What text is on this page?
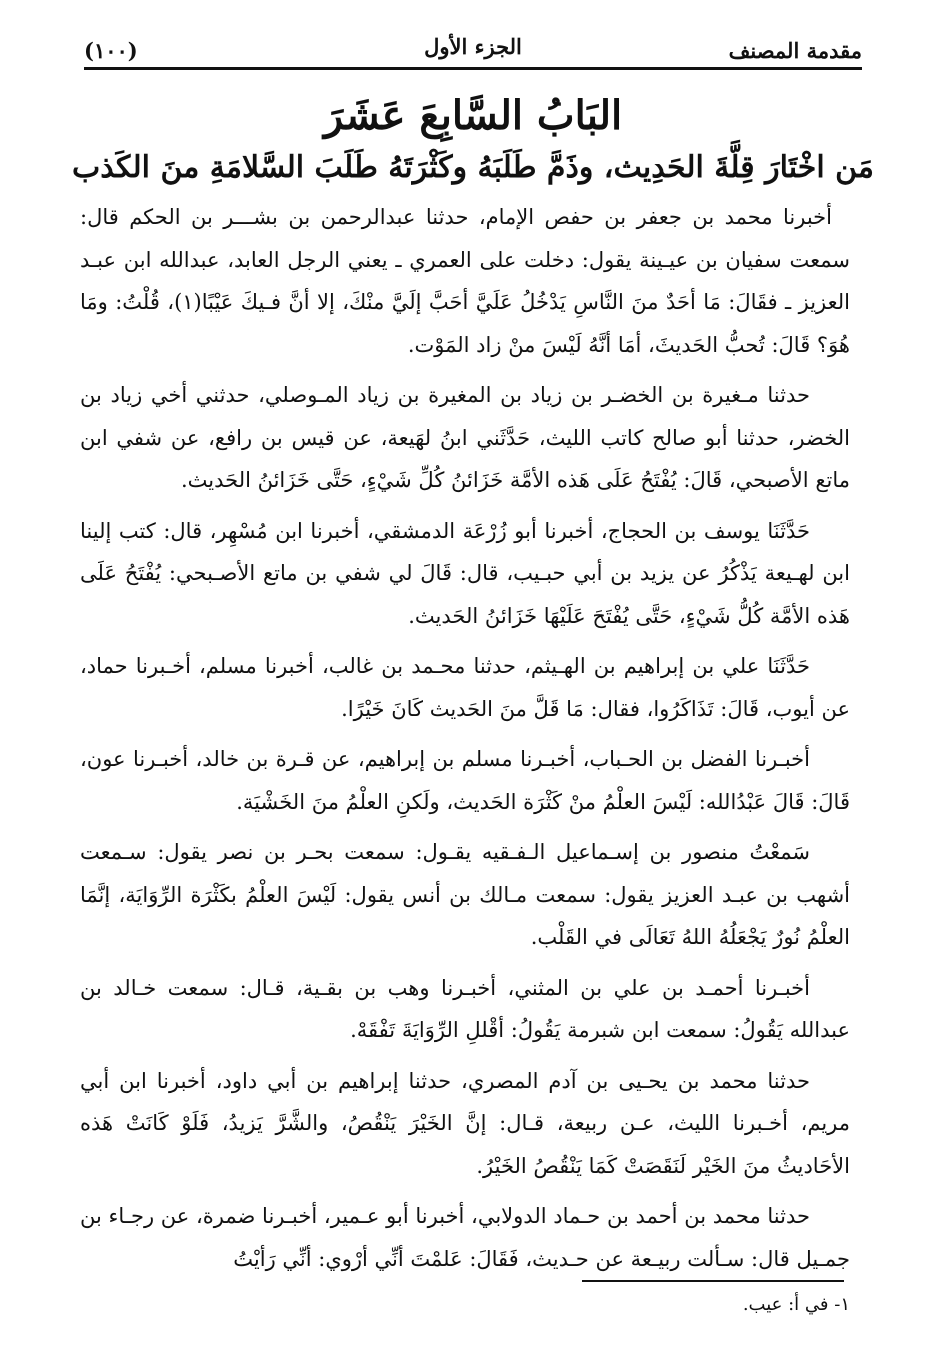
(١٠٠)	الجزء الأول	مقدمة المصنف
البَابُ السَّابِعَ عَشَرَ
مَن اخْتَارَ قِلَّةَ الحَدِيث، وذَمَّ طَلَبَهُ وكَثْرَتَهُ طَلَبَ السَّلامَةِ منَ الكَذب

أخبرنا محمد بن جعفر بن حفص الإمام، حدثنا عبدالرحمن بن بشـــر بن الحكم قال: سمعت سفيان بن عيـينة يقول: دخلت على العمري ـ يعني الرجل العابد، عبدالله ابن عبـد العزيز ـ فقَالَ: مَا أحَدٌ منَ النَّاسِ يَدْخُلُ عَلَيَّ أحَبَّ إلَيَّ منْكَ، إلا أنَّ فـيكَ عَيْبًا(١)، قُلْتُ: ومَا هُوَ؟ قَالَ: تُحبُّ الحَديثَ، أمَا أنَّهُ لَيْسَ منْ زاد المَوْت.

حدثنا مـغيرة بن الخضـر بن زياد بن المغيرة بن زياد المـوصلي، حدثني أخي زياد بن الخضر، حدثنا أبو صالح كاتب الليث، حَدَّثَني ابنُ لهَيعة، عن قيس بن رافع، عن شفي ابن ماتع الأصبحي، قَالَ: يُفْتَحُ عَلَى هَذه الأمَّة خَزَائنُ كُلِّ شَيْءٍ، حَتَّى خَزَائنُ الحَديث.

حَدَّثَنَا يوسف بن الحجاج، أخبرنا أبو زُرْعَة الدمشقي، أخبرنا ابن مُسْهِر، قال: كتب إلينا ابن لهـيعة يَذْكُرُ عن يزيد بن أبي حبـيب، قال: قَالَ لي شفي بن ماتع الأصـبحي: يُفْتَحُ عَلَى هَذه الأمَّة كُلُّ شَيْءٍ، حَتَّى يُفْتَحَ عَلَيْهَا خَزَائنُ الحَديث.

حَدَّثَنَا علي بن إبراهيم بن الهـيثم، حدثنا محـمد بن غالب، أخبرنا مسلم، أخـبرنا حماد، عن أيوب، قَالَ: تَذَاكَرُوا، فقال: مَا قَلَّ منَ الحَديث كَانَ خَيْرًا.

أخبـرنا الفضل بن الحـباب، أخبـرنا مسلم بن إبراهيم، عن قـرة بن خالد، أخبـرنا عون، قَالَ: قَالَ عَبْدُالله: لَيْسَ العلْمُ منْ كَثْرَة الحَديث، ولَكنِ العلْمُ منَ الخَشْيَة.

سَمعْتُ منصور بن إسـماعيل الـفـقيه يقـول: سمعت بحـر بن نصر يقول: سـمعت أشهب بن عبـد العزيز يقول: سمعت مـالك بن أنس يقول: لَيْسَ العلْمُ بكَثْرَة الرِّوَايَة، إنَّمَا العلْمُ نُورٌ يَجْعَلُهُ اللهُ تَعَالَى في القَلْب.

أخبـرنا أحمـد بن علي بن المثني، أخبـرنا وهب بن بقـية، قـال: سمعت خـالد بن عبدالله يَقُولُ: سمعت ابن شبرمة يَقُولُ: أقْللِ الرِّوَايَةَ تَفْقَهْ.

حدثنا محمد بن يحـيى بن آدم المصري، حدثنا إبراهيم بن أبي داود، أخبرنا ابن أبي مريم، أخـبرنا الليث، عـن ربيعة، قـال: إنَّ الخَيْرَ يَنْقُصُ، والشَّرَّ يَزيدُ، فَلَوْ كَانَتْ هَذه الأحَاديثُ منَ الخَيْر لَنَقَصَتْ كَمَا يَنْقُصُ الخَيْرُ.

حدثنا محمد بن أحمد بن حـماد الدولابي، أخبرنا أبو عـمير، أخبـرنا ضمرة، عن رجـاء بن جمـيل قال: سـألت ربيـعة عن حـديث، فَقَالَ: عَلمْتَ أنِّي أرْوي: أنِّي رَأيْتُ

١- في أ: عيب.
